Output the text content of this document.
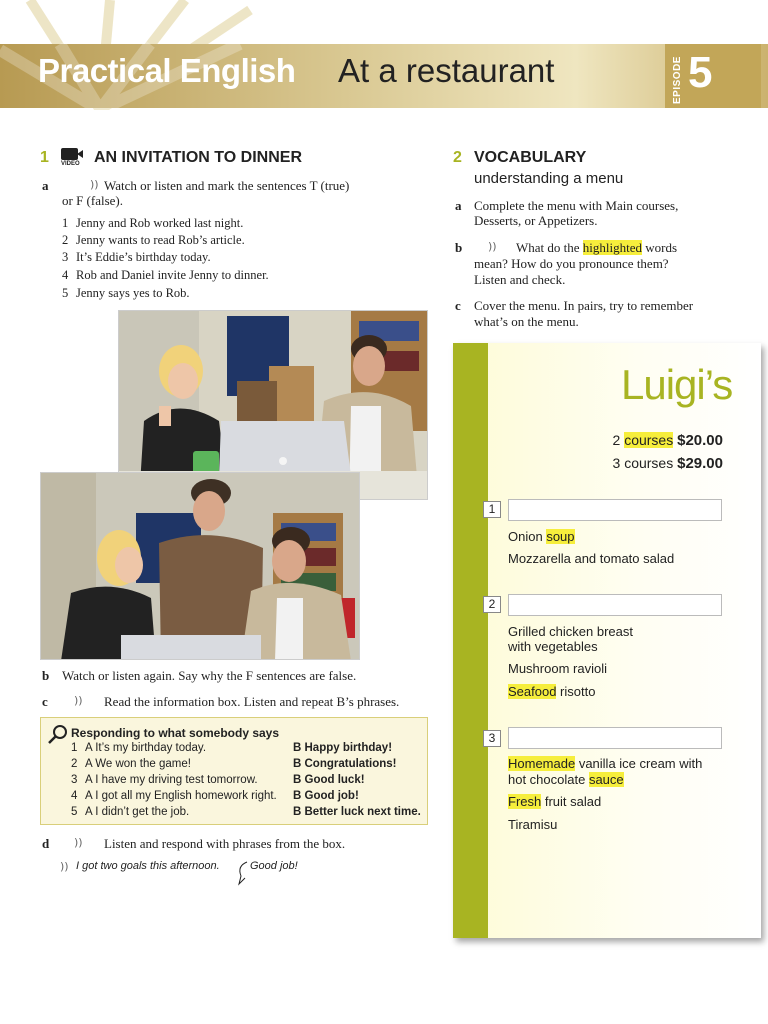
Practical English At a restaurant	EPISODE 5
1 VIDEO AN INVITATION TO DINNER
a	)) Watch or listen and mark the sentences T (true)
or F (false).
1 Jenny and Rob worked last night.
2 Jenny wants to read Rob’s article.
3 It’s Eddie’s birthday today.
4 Rob and Daniel invite Jenny to dinner.
5 Jenny says yes to Rob.
b Watch or listen again. Say why the F sentences are false.
c )) Read the information box. Listen and repeat B’s phrases.
Responding to what somebody says
1 A It’s my birthday today.	B Happy birthday!
2 A We won the game!	B Congratulations!
3 A I have my driving test tomorrow.	B Good luck!
4 A I got all my English homework right. B Good job!
5 A I didn’t get the job.	B Better luck next time.
d )) Listen and respond with phrases from the box.
)) I got two goals this afternoon.	Good job!
2 VOCABULARY
understanding a menu
a Complete the menu with Main courses,
Desserts, or Appetizers.
b )) What do the highlighted words
mean? How do you pronounce them?
Listen and check.
c Cover the menu. In pairs, try to remember
what’s on the menu.
Luigi’s
2 courses $20.00
3 courses $29.00
1
Onion soup
Mozzarella and tomato salad
2
Grilled chicken breast
with vegetables
Mushroom ravioli
Seafood risotto
3
Homemade vanilla ice cream with
hot chocolate sauce
Fresh fruit salad
Tiramisu
